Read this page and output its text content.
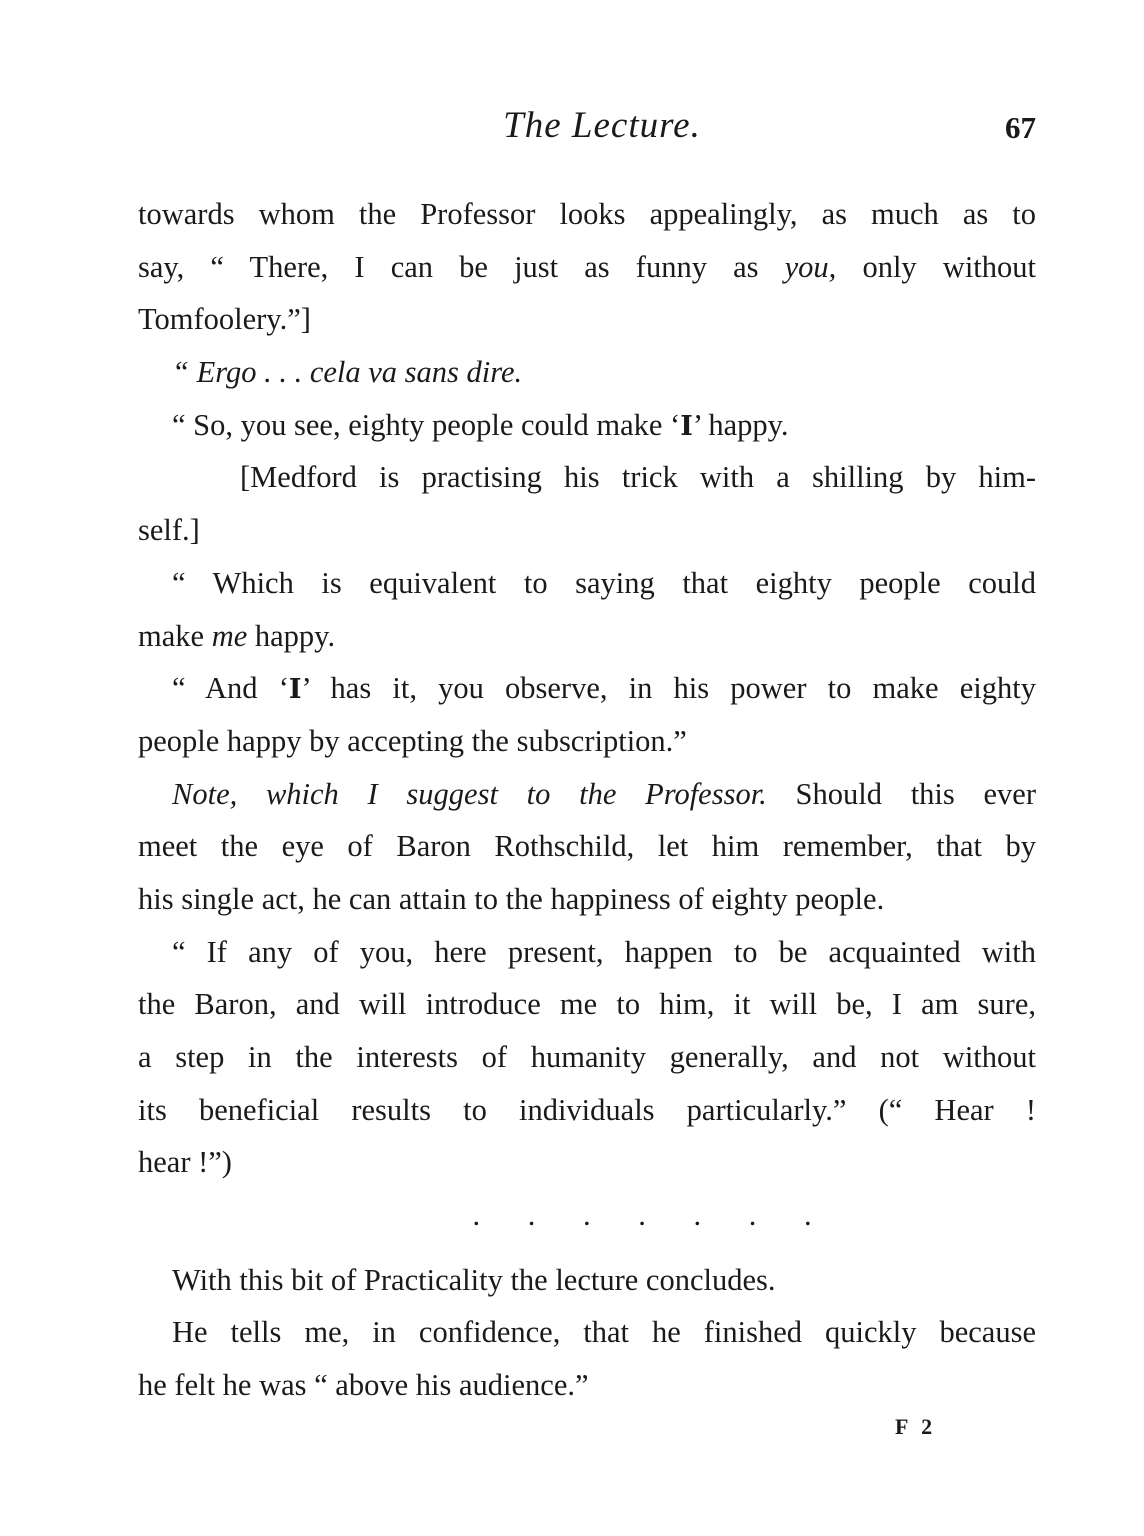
The Lecture.	67
towards whom the Professor looks appealingly, as much as to
say, “ There, I can be just as funny as you, only without
Tomfoolery.”]
“ Ergo . . . cela va sans dire.
“ So, you see, eighty people could make ‘I’ happy.
[Medford is practising his trick with a shilling by him-
self.]
“ Which is equivalent to saying that eighty people could
make me happy.
“ And ‘I’ has it, you observe, in his power to make eighty
people happy by accepting the subscription.”
Note, which I suggest to the Professor. Should this ever
meet the eye of Baron Rothschild, let him remember, that by
his single act, he can attain to the happiness of eighty people.
“ If any of you, here present, happen to be acquainted with
the Baron, and will introduce me to him, it will be, I am sure,
a step in the interests of humanity generally, and not without
its beneficial results to individuals particularly.” (“ Hear !
hear !”)
. . . . . . .
With this bit of Practicality the lecture concludes.
He tells me, in confidence, that he finished quickly because
he felt he was “ above his audience.”
F 2
